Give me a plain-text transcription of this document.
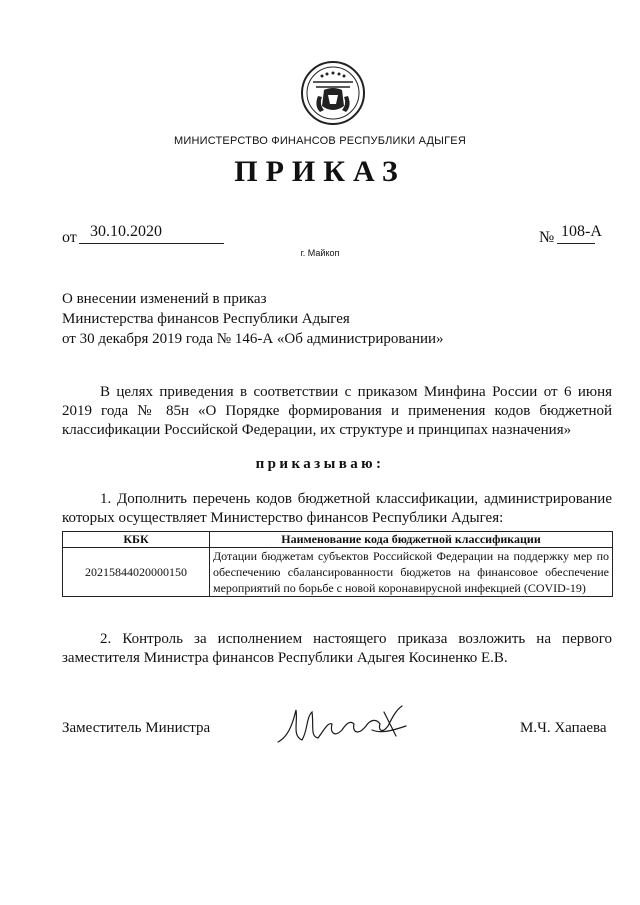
МИНИСТЕРСТВО ФИНАНСОВ РЕСПУБЛИКИ АДЫГЕЯ
ПРИКАЗ
от 30.10.2020	№ 108-А
г. Майкоп
О внесении изменений в приказ
Министерства финансов Республики Адыгея
от 30 декабря 2019 года № 146-А «Об администрировании»
В целях приведения в соответствии с приказом Минфина России от 6 июня 2019 года № 85н «О Порядке формирования и применения кодов бюджетной классификации Российской Федерации, их структуре и принципах назначения»
приказываю:
1. Дополнить перечень кодов бюджетной классификации, администрирование которых осуществляет Министерство финансов Республики Адыгея:
КБК	Наименование кода бюджетной классификации
20215844020000150	Дотации бюджетам субъектов Российской Федерации на поддержку мер по обеспечению сбалансированности бюджетов на финансовое обеспечение мероприятий по борьбе с новой коронавирусной инфекцией (COVID-19)
2. Контроль за исполнением настоящего приказа возложить на первого заместителя Министра финансов Республики Адыгея Косиненко Е.В.
Заместитель Министра	М.Ч. Хапаева
